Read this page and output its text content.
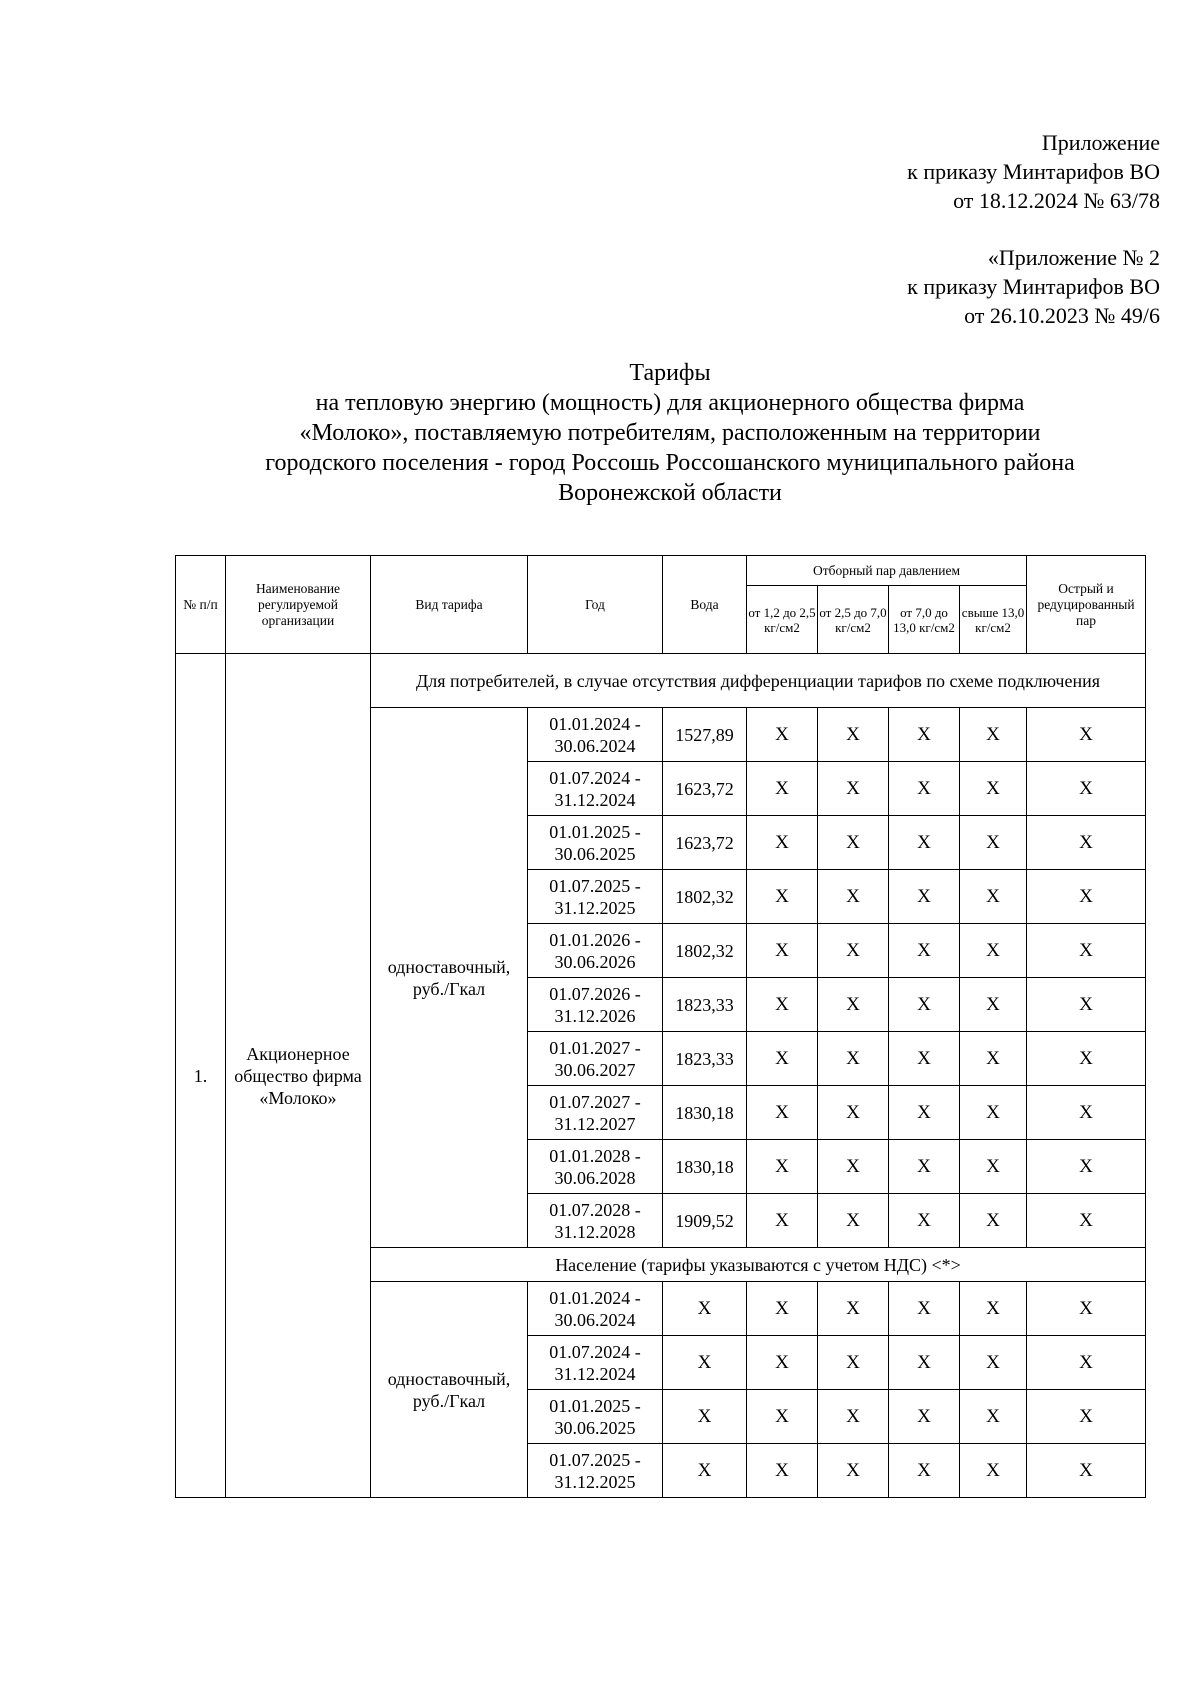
Приложение
к приказу Минтарифов ВО
от 18.12.2024 № 63/78
«Приложение № 2
к приказу Минтарифов ВО
от 26.10.2023 № 49/6
Тарифы
на тепловую энергию (мощность) для акционерного общества фирма
«Молоко», поставляемую потребителям, расположенным на территории
городского поселения - город Россошь Россошанского муниципального района
Воронежской области
№ п/п	Наименование регулируемой организации	Вид тарифа	Год	Вода	Отборный пар давлением				Острый и редуцированный пар
					от 1,2 до 2,5 кг/см2	от 2,5 до 7,0 кг/см2	от 7,0 до 13,0 кг/см2	свыше 13,0 кг/см2	
1.	Акционерное общество фирма «Молоко»	Для потребителей, в случае отсутствия дифференциации тарифов по схеме подключения							
		одноставочный, руб./Гкал	01.01.2024 - 30.06.2024	1527,89	X	X	X	X	X
			01.07.2024 - 31.12.2024	1623,72	X	X	X	X	X
			01.01.2025 - 30.06.2025	1623,72	X	X	X	X	X
			01.07.2025 - 31.12.2025	1802,32	X	X	X	X	X
			01.01.2026 - 30.06.2026	1802,32	X	X	X	X	X
			01.07.2026 - 31.12.2026	1823,33	X	X	X	X	X
			01.01.2027 - 30.06.2027	1823,33	X	X	X	X	X
			01.07.2027 - 31.12.2027	1830,18	X	X	X	X	X
			01.01.2028 - 30.06.2028	1830,18	X	X	X	X	X
			01.07.2028 - 31.12.2028	1909,52	X	X	X	X	X
		Население (тарифы указываются с учетом НДС) <*>							
		одноставочный, руб./Гкал	01.01.2024 - 30.06.2024	X	X	X	X	X	X
			01.07.2024 - 31.12.2024	X	X	X	X	X	X
			01.01.2025 - 30.06.2025	X	X	X	X	X	X
			01.07.2025 - 31.12.2025	X	X	X	X	X	X
